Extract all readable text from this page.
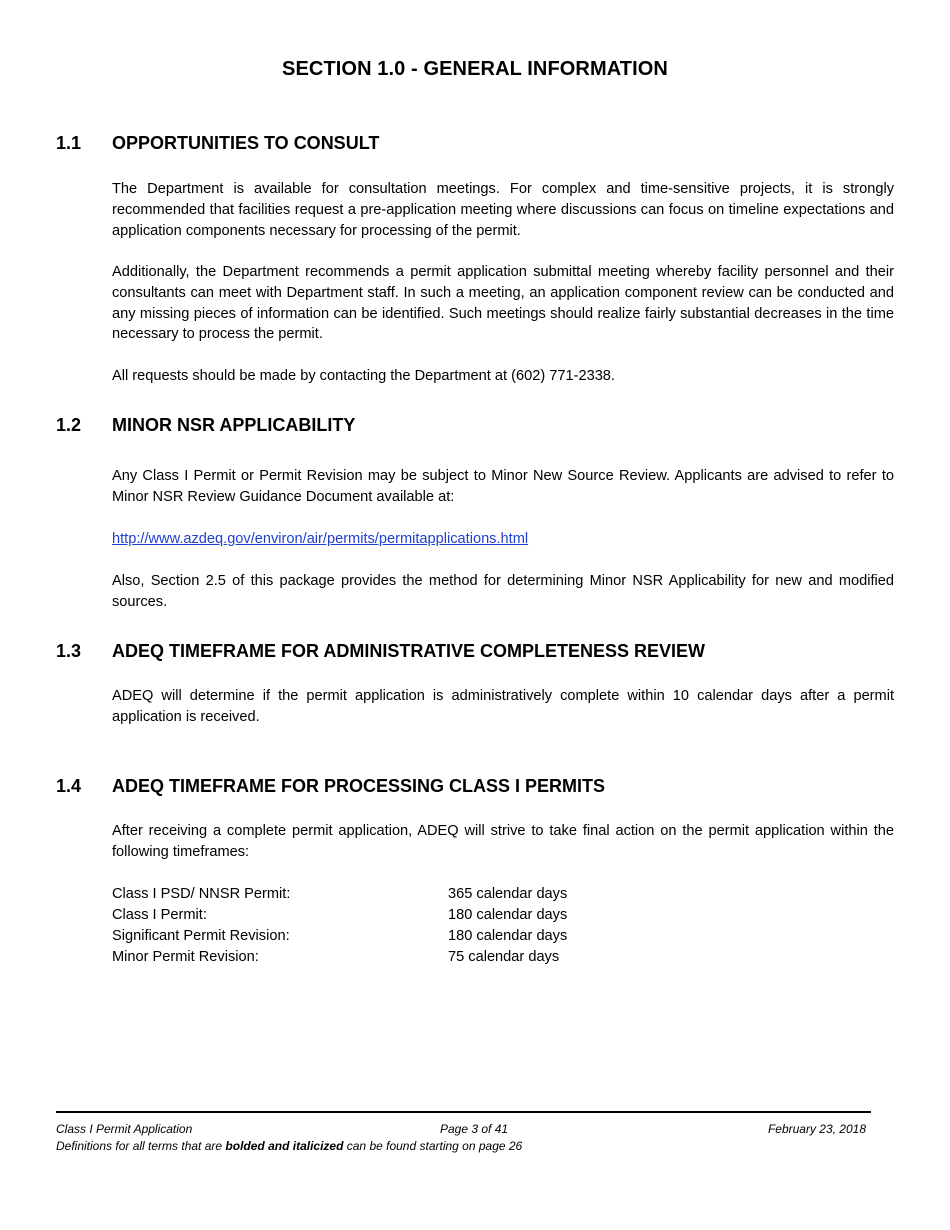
SECTION 1.0 - GENERAL INFORMATION
1.1 OPPORTUNITIES TO CONSULT
The Department is available for consultation meetings. For complex and time-sensitive projects, it is strongly recommended that facilities request a pre-application meeting where discussions can focus on timeline expectations and application components necessary for processing of the permit.
Additionally, the Department recommends a permit application submittal meeting whereby facility personnel and their consultants can meet with Department staff. In such a meeting, an application component review can be conducted and any missing pieces of information can be identified. Such meetings should realize fairly substantial decreases in the time necessary to process the permit.
All requests should be made by contacting the Department at (602) 771-2338.
1.2 MINOR NSR APPLICABILITY
Any Class I Permit or Permit Revision may be subject to Minor New Source Review. Applicants are advised to refer to Minor NSR Review Guidance Document available at:
http://www.azdeq.gov/environ/air/permits/permitapplications.html
Also, Section 2.5 of this package provides the method for determining Minor NSR Applicability for new and modified sources.
1.3 ADEQ TIMEFRAME FOR ADMINISTRATIVE COMPLETENESS REVIEW
ADEQ will determine if the permit application is administratively complete within 10 calendar days after a permit application is received.
1.4 ADEQ TIMEFRAME FOR PROCESSING CLASS I PERMITS
After receiving a complete permit application, ADEQ will strive to take final action on the permit application within the following timeframes:
Class I PSD/ NNSR Permit:	365 calendar days
Class I Permit:	180 calendar days
Significant Permit Revision:	180 calendar days
Minor Permit Revision:	75 calendar days
Class I Permit Application	Page 3 of 41	February 23, 2018
Definitions for all terms that are bolded and italicized can be found starting on page 26
